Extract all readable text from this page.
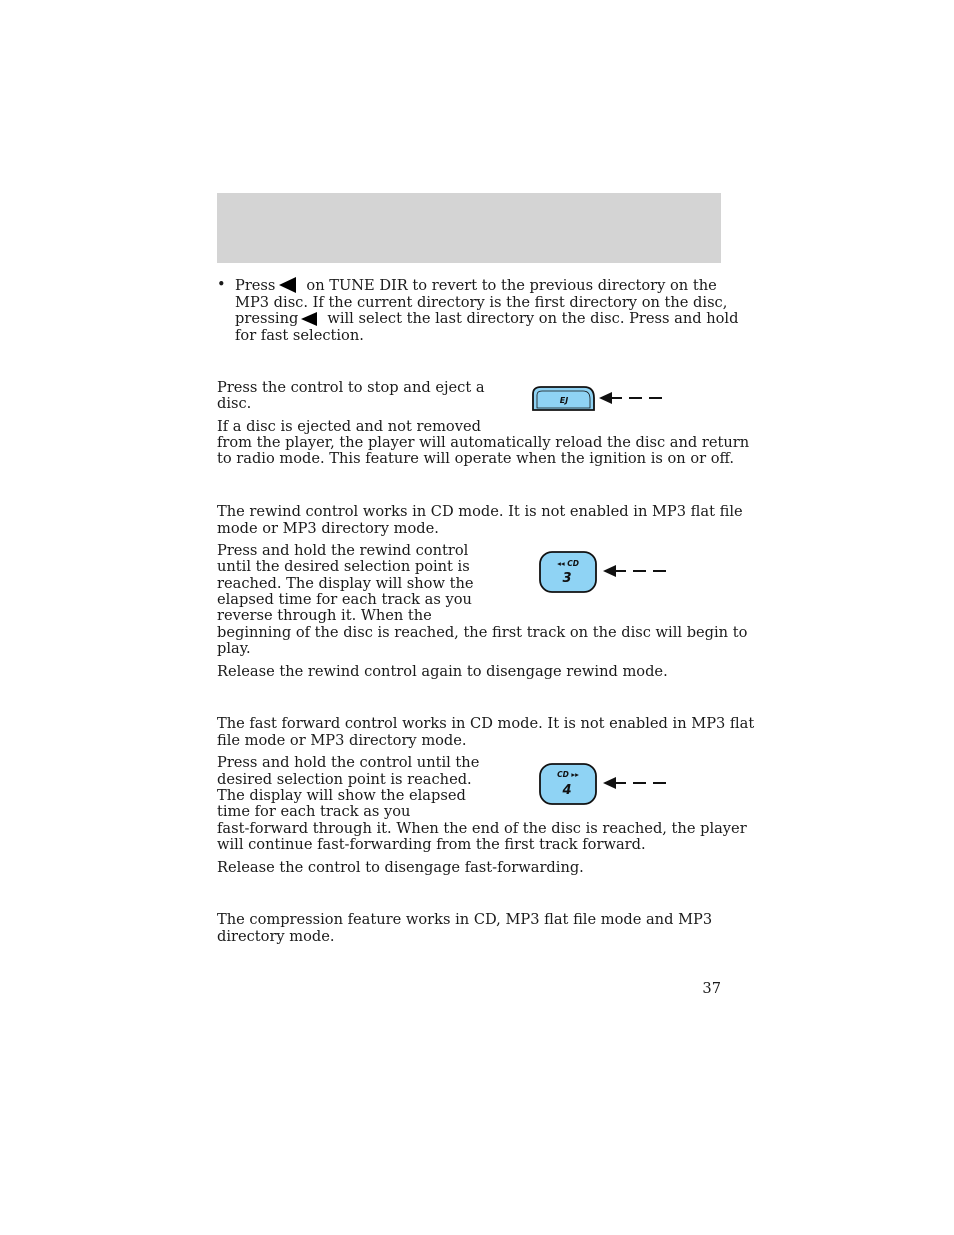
• Press on TUNE DIR to revert to the previous directory on the
MP3 disc. If the current directory is the first directory on the disc,
pressing will select the last directory on the disc. Press and hold
for fast selection.

Press the control to stop and eject a

disc.

If a disc is ejected and not removed

from the player, the player will automatically reload the disc and return

to radio mode. This feature will operate when the ignition is on or off.

EJ

The rewind control works in CD mode. It is not enabled in MP3 flat file

mode or MP3 directory mode.

Press and hold the rewind control

until the desired selection point is

reached. The display will show the

elapsed time for each track as you

reverse through it. When the

beginning of the disc is reached, the first track on the disc will begin to

play.

Release the rewind control again to disengage rewind mode.

◂◂ CD
3

The fast forward control works in CD mode. It is not enabled in MP3 flat

file mode or MP3 directory mode.

Press and hold the control until the

desired selection point is reached.

The display will show the elapsed

time for each track as you

fast-forward through it. When the end of the disc is reached, the player

will continue fast-forwarding from the first track forward.

Release the control to disengage fast-forwarding.

CD ▸▸
4

The compression feature works in CD, MP3 flat file mode and MP3

directory mode.

37
